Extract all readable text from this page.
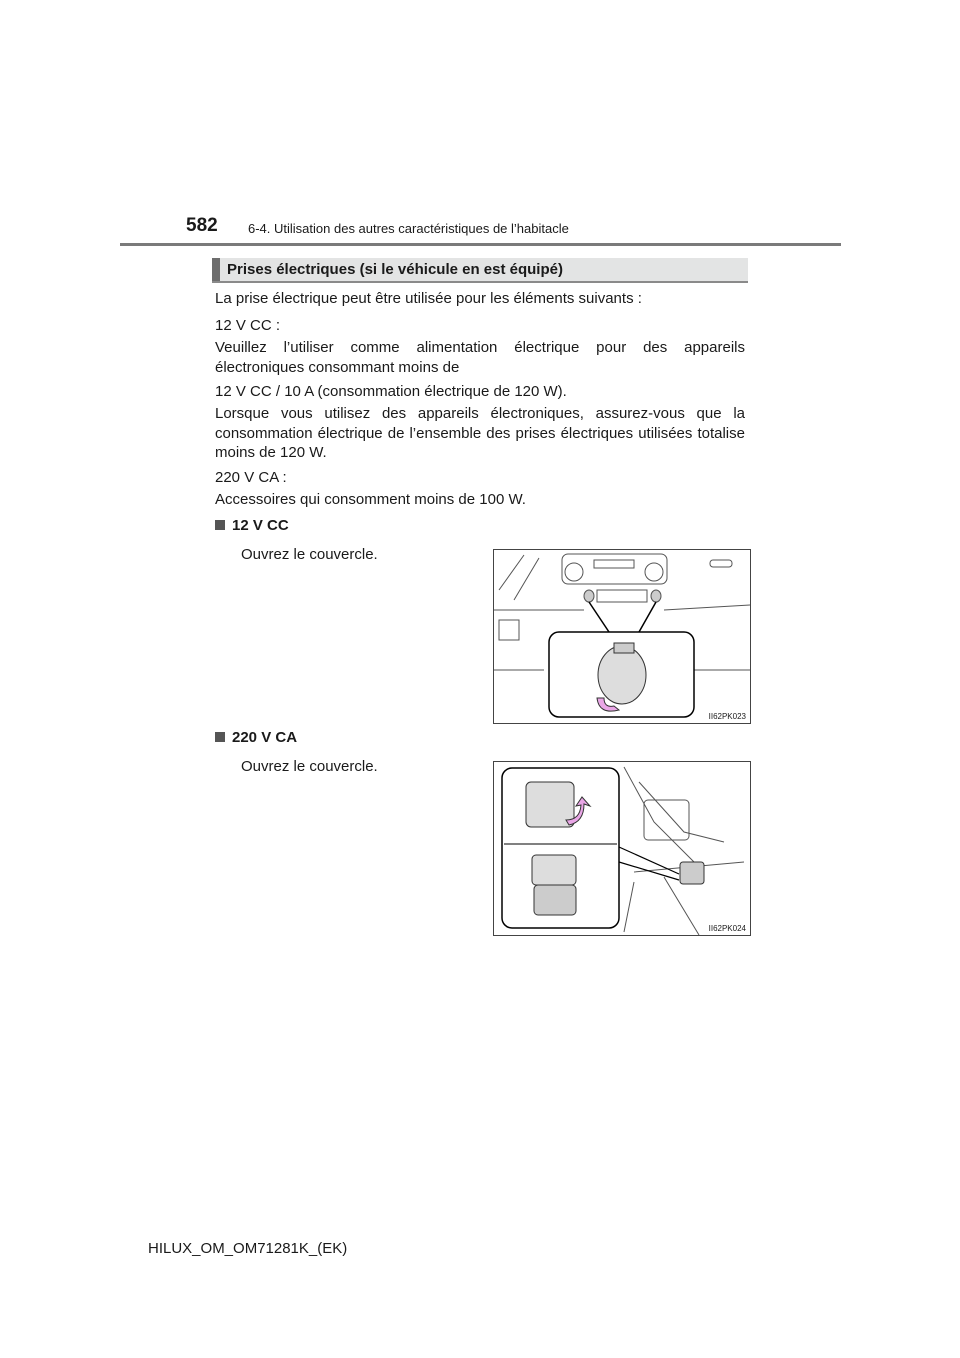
582 6-4. Utilisation des autres caractéristiques de l’habitacle
Prises électriques (si le véhicule en est équipé)
La prise électrique peut être utilisée pour les éléments suivants :
12 V CC :
Veuillez l’utiliser comme alimentation électrique pour des appareils électroniques consommant moins de
12 V CC / 10 A (consommation électrique de 120 W).
Lorsque vous utilisez des appareils électroniques, assurez-vous que la consommation électrique de l’ensemble des prises électriques utilisées totalise moins de 120 W.
220 V CA :
Accessoires qui consomment moins de 100 W.
12 V CC
Ouvrez le couvercle.
II62PK023
220 V CA
Ouvrez le couvercle.
II62PK024
HILUX_OM_OM71281K_(EK)
